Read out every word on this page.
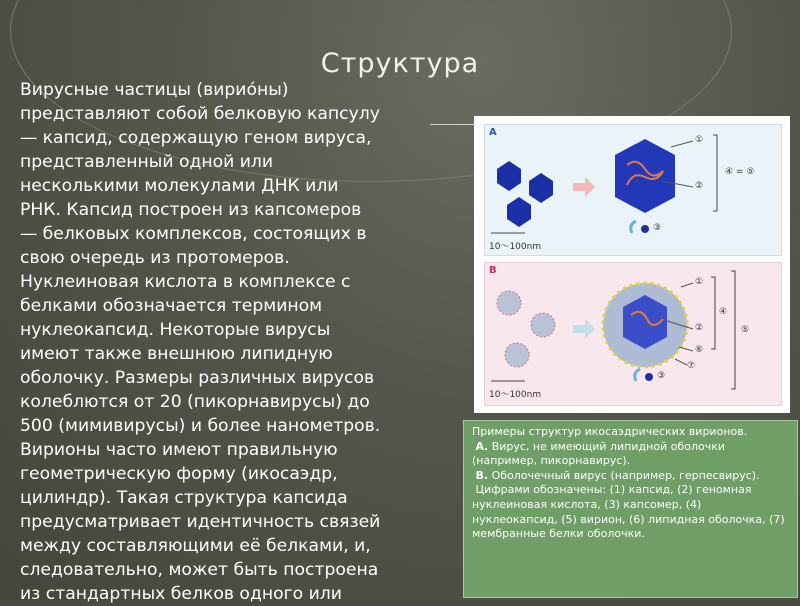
Структура

Вирусные частицы (вирио́ны)
представляют собой белковую капсулу
— капсид, содержащую геном вируса,
представленный одной или
несколькими молекулами ДНК или
РНК. Капсид построен из капсомеров
— белковых комплексов, состоящих в
свою очередь из протомеров.
Нуклеиновая кислота в комплексе с
белками обозначается термином
нуклеокапсид. Некоторые вирусы
имеют также внешнюю липидную
оболочку. Размеры различных вирусов
колеблются от 20 (пикорнавирусы) до
500 (мимивирусы) и более нанометров.
Вирионы часто имеют правильную
геометрическую форму (икосаэдр,
цилиндр). Такая структура капсида
предусматривает идентичность связей
между составляющими её белками, и,
следовательно, может быть построена
из стандартных белков одного или

A
10～100nm
①
②
③
④ = ⑤
B
10～100nm
①
②
③
④
⑤
⑥
⑦

Примеры структур икосаэдрических вирионов.

А. Вирус, не имеющий липидной оболочки (например, пикорнавирус).

B. Оболочечный вирус (например, герпесвирус).

Цифрами обозначены: (1) капсид, (2) геномная нуклеиновая кислота, (3) капсомер, (4) нуклеокапсид, (5) вирион, (6) липидная оболочка, (7) мембранные белки оболочки.
